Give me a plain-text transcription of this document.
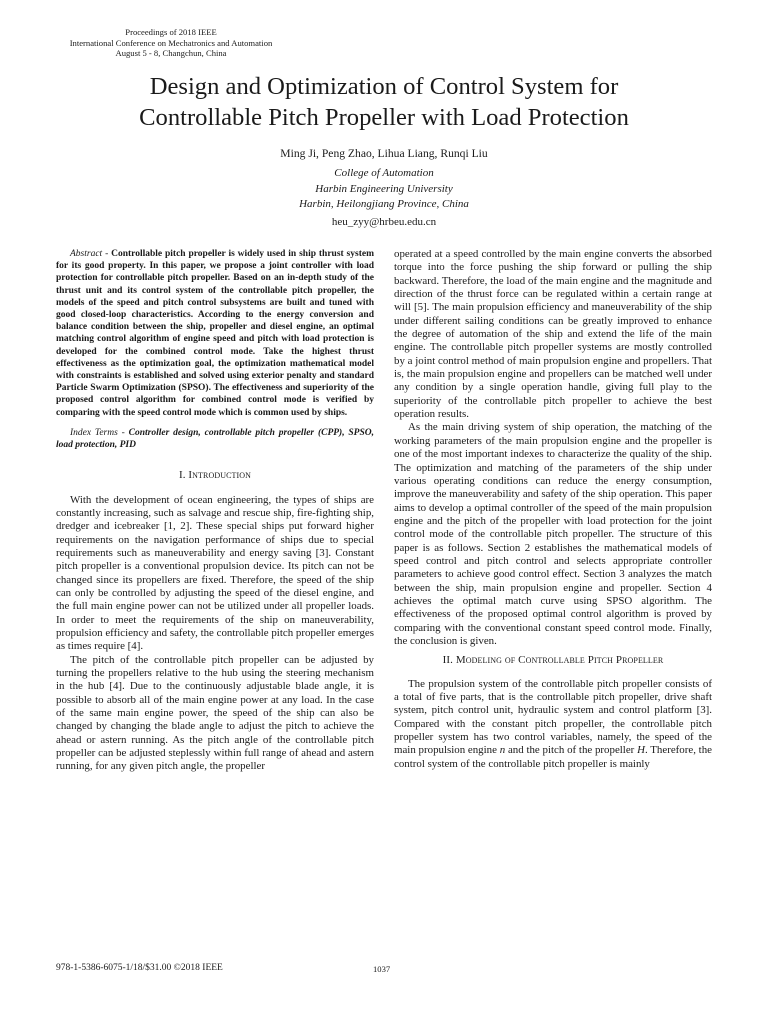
Proceedings of 2018 IEEE
International Conference on Mechatronics and Automation
August 5 - 8, Changchun, China
Design and Optimization of Control System for
Controllable Pitch Propeller with Load Protection
Ming Ji, Peng Zhao, Lihua Liang, Runqi Liu
College of Automation
Harbin Engineering University
Harbin, Heilongjiang Province, China
heu_zyy@hrbeu.edu.cn
Abstract - Controllable pitch propeller is widely used in ship thrust system for its good property. In this paper, we propose a joint controller with load protection for controllable pitch propeller. Based on an in-depth study of the thrust unit and its control system of the controllable pitch propeller, the models of the speed and pitch control subsystems are built and tuned with good closed-loop characteristics. According to the energy conversion and balance condition between the ship, propeller and diesel engine, an optimal matching control algorithm of engine speed and pitch with load protection is developed for the combined control mode. Take the highest thrust effectiveness as the optimization goal, the optimization mathematical model with constraints is established and solved using exterior penalty and standard Particle Swarm Optimization (SPSO). The effectiveness and superiority of the proposed control algorithm for combined control mode is verified by comparing with the speed control mode which is common used by ships.
Index Terms - Controller design, controllable pitch propeller (CPP), SPSO, load protection, PID
I. Introduction

With the development of ocean engineering, the types of ships are constantly increasing, such as salvage and rescue ship, fire-fighting ship, dredger and icebreaker [1, 2]. These special ships put forward higher requirements on the navigation performance of ships due to special requirements such as maneuverability and energy saving [3]. Constant pitch propeller is a conventional propulsion device. Its pitch can not be changed since its propellers are fixed. Therefore, the speed of the ship can only be controlled by adjusting the speed of the diesel engine, and the full main engine power can not be utilized under all propeller loads. In order to meet the requirements of the ship on maneuverability, propulsion efficiency and safety, the controllable pitch propeller emerges as times require [4].

The pitch of the controllable pitch propeller can be adjusted by turning the propellers relative to the hub using the steering mechanism in the hub [4]. Due to the continuously adjustable blade angle, it is possible to absorb all of the main engine power at any load. In the case of the same main engine power, the speed of the ship can also be changed by changing the blade angle to adjust the pitch to achieve the ahead or astern running. As the pitch angle of the controllable pitch propeller can be adjusted steplessly within full range of ahead and astern running, for any given pitch angle, the propeller

operated at a speed controlled by the main engine converts the absorbed torque into the force pushing the ship forward or pulling the ship backward. Therefore, the load of the main engine and the magnitude and direction of the thrust force can be regulated within a certain range at will [5]. The main propulsion efficiency and maneuverability of the ship under different sailing conditions can be greatly improved to enhance the degree of automation of the ship and extend the life of the main engine. The controllable pitch propeller systems are mostly controlled by a joint control method of main propulsion engine and propellers. That is, the main propulsion engine and propellers can be matched well under any condition by a single operation handle, giving full play to the superiority of the controllable pitch propeller to achieve the best operation results.

As the main driving system of ship operation, the matching of the working parameters of the main propulsion engine and the propeller is one of the most important indexes to characterize the quality of the ship. The optimization and matching of the parameters of the ship under various operating conditions can reduce the energy consumption, improve the maneuverability and safety of the ship operation. This paper aims to develop a optimal controller of the speed of the main propulsion engine and the pitch of the propeller with load protection for the joint control mode of the controllable pitch propeller. The structure of this paper is as follows. Section 2 establishes the mathematical models of speed control and pitch control and selects appropriate controller parameters to achieve good control effect. Section 3 analyzes the match between the ship, main propulsion engine and propeller. Section 4 achieves the optimal match curve using SPSO algorithm. The effectiveness of the proposed optimal control algorithm is proved by comparing with the conventional constant speed control mode. Finally, the conclusion is given.

II. Modeling of Controllable Pitch Propeller

The propulsion system of the controllable pitch propeller consists of a total of five parts, that is the controllable pitch propeller, drive shaft system, pitch control unit, hydraulic system and control platform [3]. Compared with the constant pitch propeller, the controllable pitch propeller system has two control variables, namely, the speed of the main propulsion engine n and the pitch of the propeller H. Therefore, the control system of the controllable pitch propeller is mainly

978-1-5386-6075-1/18/$31.00 ©2018 IEEE	1037
